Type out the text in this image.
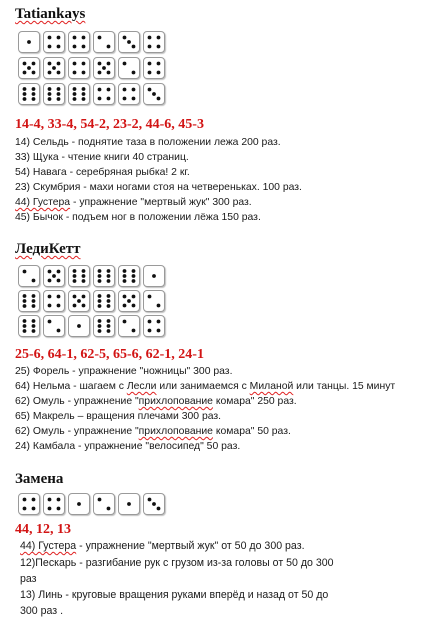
Tatiankays
14-4, 33-4, 54-2, 23-2, 44-6, 45-3
14) Сельдь - поднятие таза в положении лежа 200 раз.
33) Щука - чтение книги 40 страниц.
54) Навага - серебряная рыбка! 2 кг.
23) Скумбрия - махи ногами стоя на четвереньках. 100 раз.
44) Густера - упражнение "мертвый жук" 300 раз.
45) Бычок - подъем ног в положении лёжа 150 раз.
ЛедиКетт
25-6, 64-1, 62-5, 65-6, 62-1, 24-1
25) Форель - упражнение "ножницы" 300 раз.
64) Нельма - шагаем с Лесли или занимаемся с Миланой или танцы. 15 минут
62) Омуль - упражнение "прихлопование комара" 250 раз.
65) Макрель – вращения плечами 300 раз.
62) Омуль - упражнение "прихлопование комара" 50 раз.
24) Камбала - упражнение "велосипед" 50 раз.
Замена
44, 12, 13
44) Густера - упражнение "мертвый жук" от 50 до 300 раз.
12)Пескарь - разгибание рук с грузом из-за головы от 50 до 300
раз
13) Линь - круговые вращения руками вперёд и назад от 50 до
300 раз .
